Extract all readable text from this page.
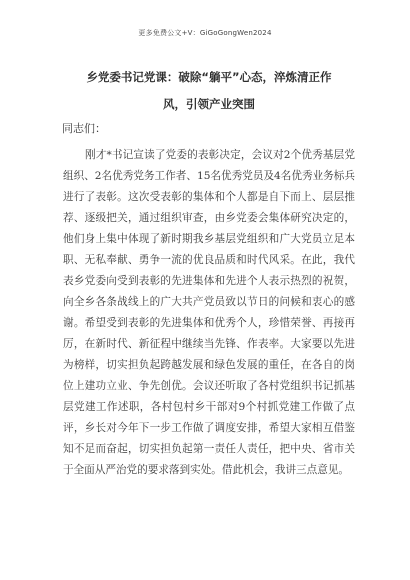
更多免费公文+V：GiGoGongWen2024
乡党委书记党课：破除“躺平”心态，淬炼清正作风，引领产业突围
同志们：
刚才*书记宣读了党委的表彰决定，会议对2个优秀基层党组织、2名优秀党务工作者、15名优秀党员及4名优秀业务标兵进行了表彰。这次受表彰的集体和个人都是自下而上、层层推荐、逐级把关，通过组织审查，由乡党委会集体研究决定的，他们身上集中体现了新时期我乡基层党组织和广大党员立足本职、无私奉献、勇争一流的优良品质和时代风采。在此，我代表乡党委向受到表彰的先进集体和先进个人表示热烈的祝贺，向全乡各条战线上的广大共产党员致以节日的问候和衷心的感谢。希望受到表彰的先进集体和优秀个人，珍惜荣誉、再接再厉，在新时代、新征程中继续当先锋、作表率。大家要以先进为榜样，切实担负起跨越发展和绿色发展的重任，在各自的岗位上建功立业、争先创优。会议还听取了各村党组织书记抓基层党建工作述职，各村包村乡干部对9个村抓党建工作做了点评，乡长对今年下一步工作做了调度安排，希望大家相互借鉴知不足而奋起，切实担负起第一责任人责任，把中央、省市关于全面从严治党的要求落到实处。借此机会，我讲三点意见。
